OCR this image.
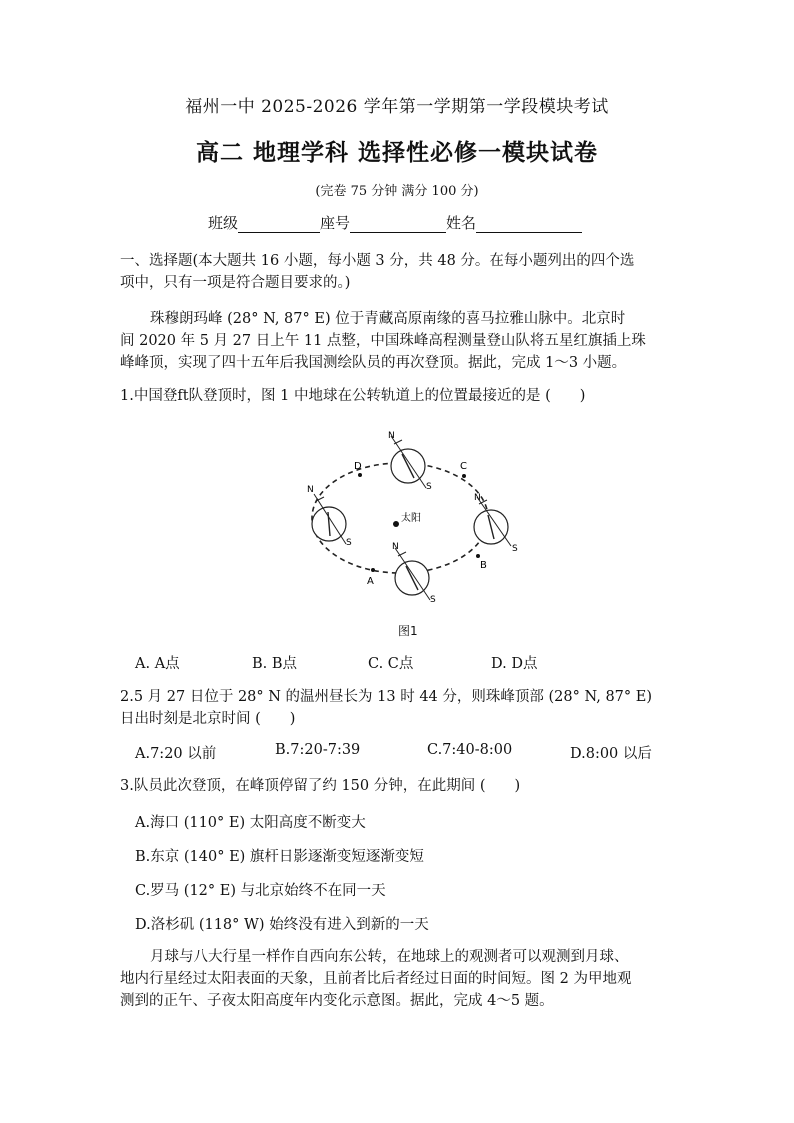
福州一中 2025-2026 学年第一学期第一学段模块考试
高二 地理学科 选择性必修一模块试卷
(完卷 75 分钟 满分 100 分)
班级	座号	姓名
一、选择题(本大题共 16 小题，每小题 3 分，共 48 分。在每小题列出的四个选
项中，只有一项是符合题目要求的。)
珠穆朗玛峰 (28° N, 87° E) 位于青藏高原南缘的喜马拉雅山脉中。北京时
间 2020 年 5 月 27 日上午 11 点整，中国珠峰高程测量登山队将五星红旗插上珠
峰峰顶，实现了四十五年后我国测绘队员的再次登顶。据此，完成 1～3 小题。
1.中国登ft队登顶时，图 1 中地球在公转轨道上的位置最接近的是 (　　)
太阳
N
S
N
S
N
S
N
S
A
B
C
D
图1
A. A点	B. B点	C. C点	D. D点
2.5 月 27 日位于 28° N 的温州昼长为 13 时 44 分，则珠峰顶部 (28° N, 87° E)
日出时刻是北京时间 (　　)
A.7:20 以前	B.7:20-7:39	C.7:40-8:00	D.8:00 以后
3.队员此次登顶，在峰顶停留了约 150 分钟，在此期间 (　　)
A.海口 (110° E) 太阳高度不断变大
B.东京 (140° E) 旗杆日影逐渐变短逐渐变短
C.罗马 (12° E) 与北京始终不在同一天
D.洛杉矶 (118° W) 始终没有进入到新的一天
月球与八大行星一样作自西向东公转，在地球上的观测者可以观测到月球、
地内行星经过太阳表面的天象，且前者比后者经过日面的时间短。图 2 为甲地观
测到的正午、子夜太阳高度年内变化示意图。据此，完成 4～5 题。
